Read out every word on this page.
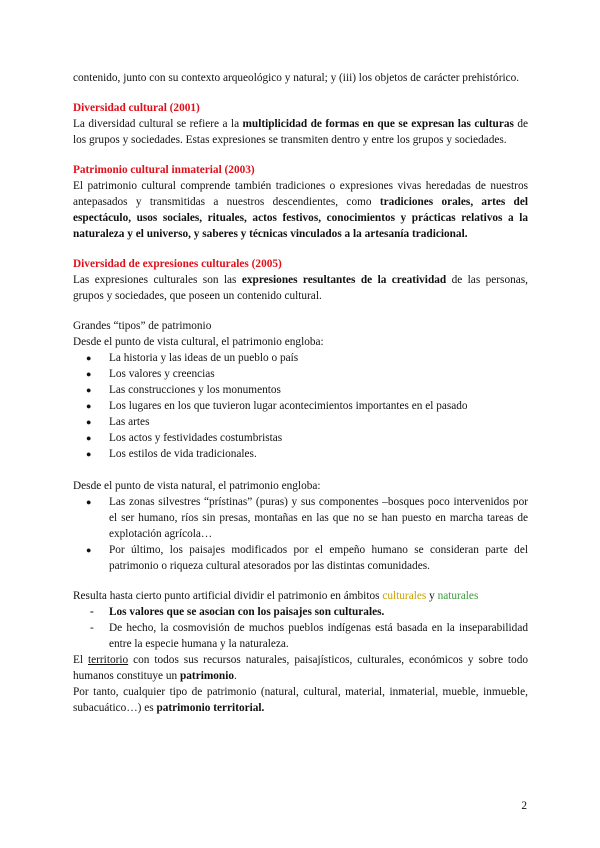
contenido, junto con su contexto arqueológico y natural; y (iii) los objetos de carácter prehistórico.

Diversidad cultural (2001)

La diversidad cultural se refiere a la multiplicidad de formas en que se expresan las culturas de los grupos y sociedades. Estas expresiones se transmiten dentro y entre los grupos y sociedades.

Patrimonio cultural inmaterial (2003)

El patrimonio cultural comprende también tradiciones o expresiones vivas heredadas de nuestros antepasados y transmitidas a nuestros descendientes, como tradiciones orales, artes del espectáculo, usos sociales, rituales, actos festivos, conocimientos y prácticas relativos a la naturaleza y el universo, y saberes y técnicas vinculados a la artesanía tradicional.

Diversidad de expresiones culturales (2005)

Las expresiones culturales son las expresiones resultantes de la creatividad de las personas, grupos y sociedades, que poseen un contenido cultural.

Grandes “tipos” de patrimonio

Desde el punto de vista cultural, el patrimonio engloba:

● La historia y las ideas de un pueblo o país
● Los valores y creencias
● Las construcciones y los monumentos
● Los lugares en los que tuvieron lugar acontecimientos importantes en el pasado
● Las artes
● Los actos y festividades costumbristas
● Los estilos de vida tradicionales.

Desde el punto de vista natural, el patrimonio engloba:

● Las zonas silvestres “prístinas” (puras) y sus componentes –bosques poco intervenidos por el ser humano, ríos sin presas, montañas en las que no se han puesto en marcha tareas de explotación agrícola…
● Por último, los paisajes modificados por el empeño humano se consideran parte del patrimonio o riqueza cultural atesorados por las distintas comunidades.

Resulta hasta cierto punto artificial dividir el patrimonio en ámbitos culturales y naturales

- Los valores que se asocian con los paisajes son culturales.
- De hecho, la cosmovisión de muchos pueblos indígenas está basada en la inseparabilidad entre la especie humana y la naturaleza.

El territorio con todos sus recursos naturales, paisajísticos, culturales, económicos y sobre todo humanos constituye un patrimonio.

Por tanto, cualquier tipo de patrimonio (natural, cultural, material, inmaterial, mueble, inmueble, subacuático…) es patrimonio territorial.

2
